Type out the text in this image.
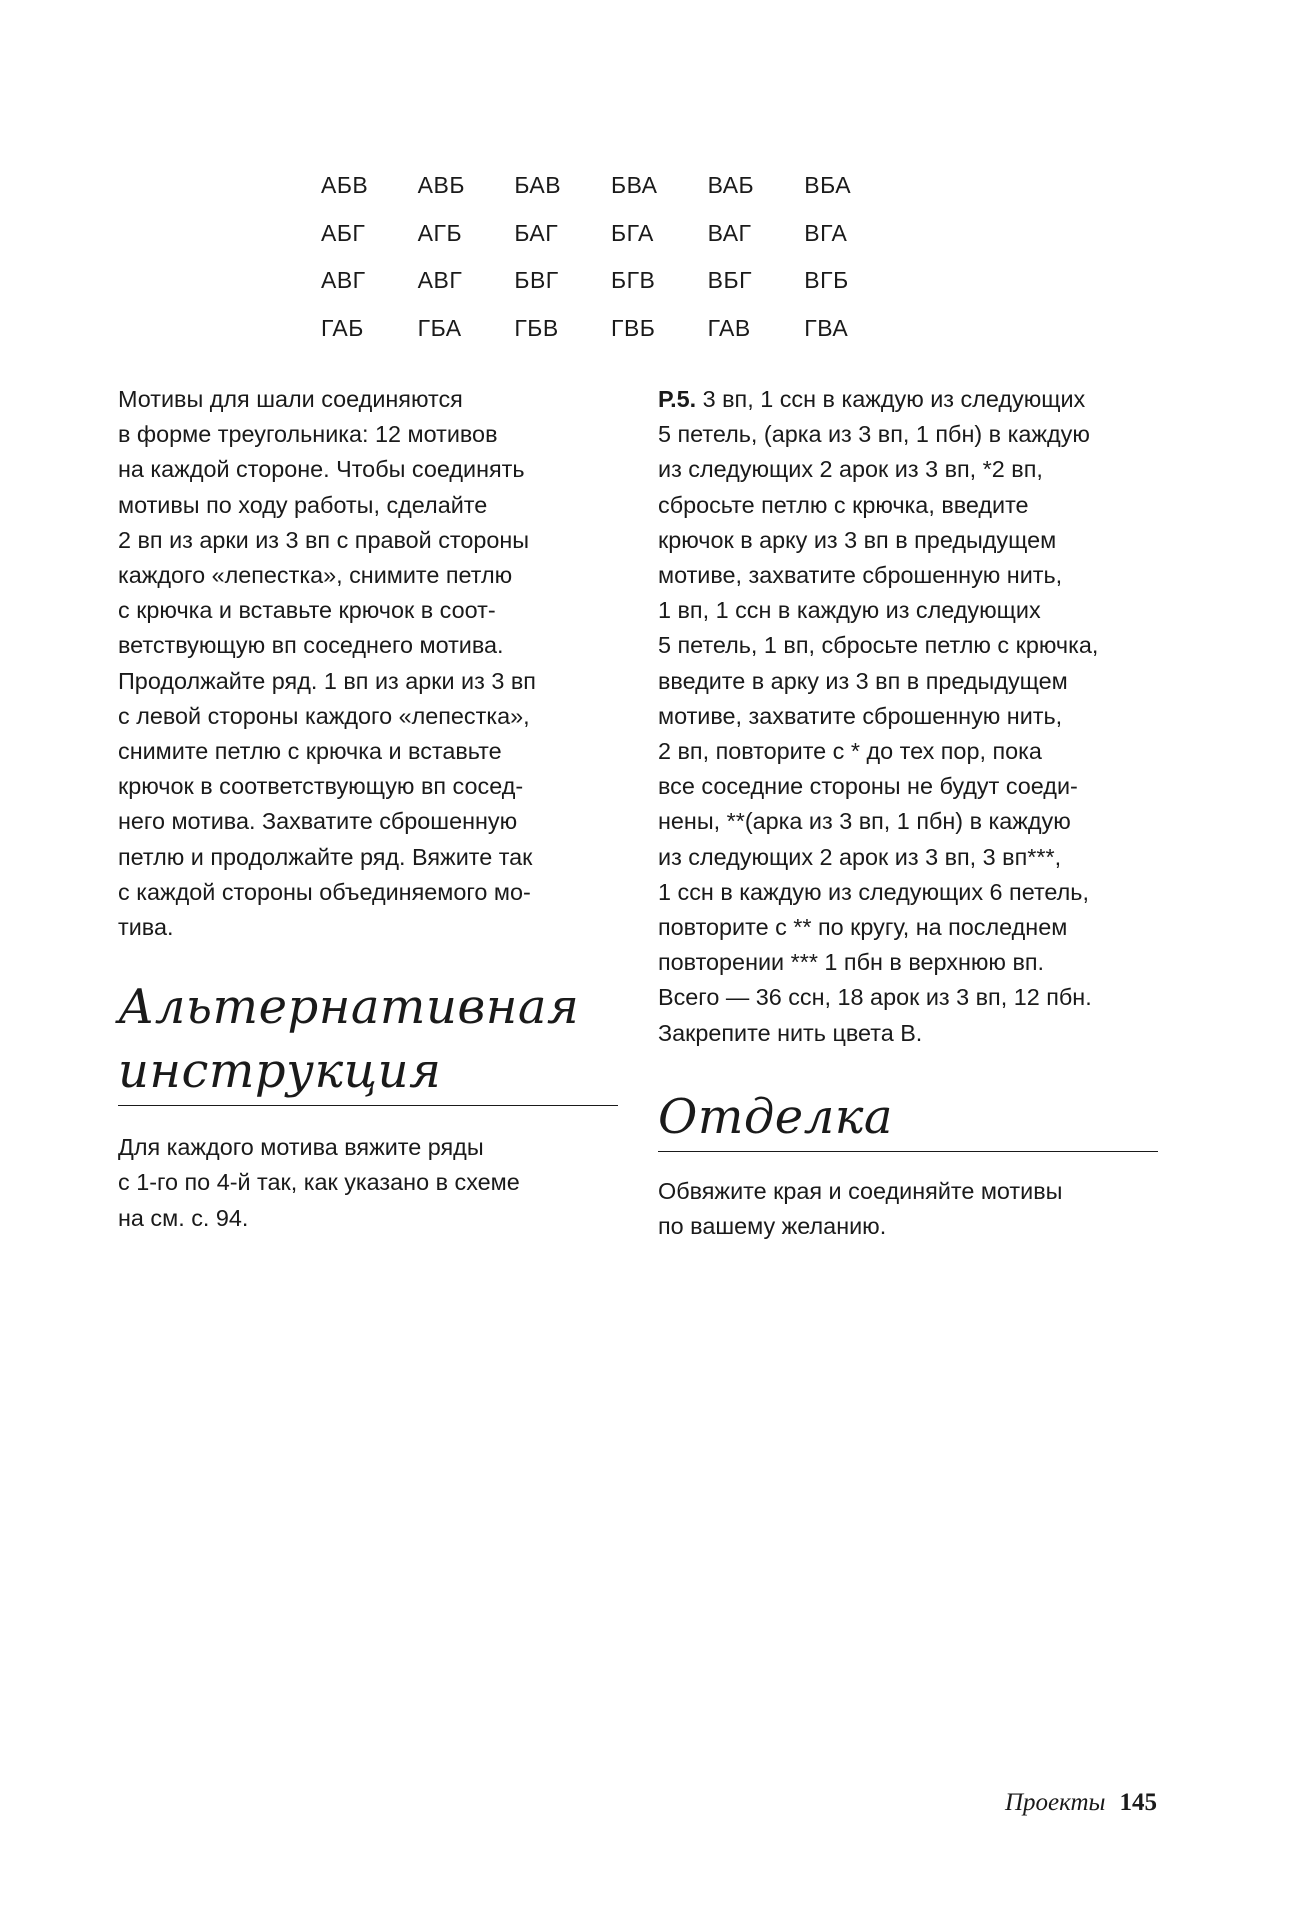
АБВ	АВБ	БАВ	БВА	ВАБ	ВБА
АБГ	АГБ	БАГ	БГА	ВАГ	ВГА
АВГ	АВГ	БВГ	БГВ	ВБГ	ВГБ
ГАБ	ГБА	ГБВ	ГВБ	ГАВ	ГВА

Мотивы для шали соединяются
в форме треугольника: 12 мотивов
на каждой стороне. Чтобы соединять
мотивы по ходу работы, сделайте
2 вп из арки из 3 вп с правой стороны
каждого «лепестка», снимите петлю
с крючка и вставьте крючок в соот-
ветствующую вп соседнего мотива.
Продолжайте ряд. 1 вп из арки из 3 вп
с левой стороны каждого «лепестка»,
снимите петлю с крючка и вставьте
крючок в соответствующую вп сосед-
него мотива. Захватите сброшенную
петлю и продолжайте ряд. Вяжите так
с каждой стороны объединяемого мо-
тива.

Альтернативная
инструкция

Для каждого мотива вяжите ряды
с 1-го по 4-й так, как указано в схеме
на см. с. 94.

Р.5. 3 вп, 1 ссн в каждую из следующих
5 петель, (арка из 3 вп, 1 пбн) в каждую
из следующих 2 арок из 3 вп, *2 вп,
сбросьте петлю с крючка, введите
крючок в арку из 3 вп в предыдущем
мотиве, захватите сброшенную нить,
1 вп, 1 ссн в каждую из следующих
5 петель, 1 вп, сбросьте петлю с крючка,
введите в арку из 3 вп в предыдущем
мотиве, захватите сброшенную нить,
2 вп, повторите с * до тех пор, пока
все соседние стороны не будут соеди-
нены, **(арка из 3 вп, 1 пбн) в каждую
из следующих 2 арок из 3 вп, 3 вп***,
1 ссн в каждую из следующих 6 петель,
повторите с ** по кругу, на последнем
повторении *** 1 пбн в верхнюю вп.
Всего — 36 ссн, 18 арок из 3 вп, 12 пбн.
Закрепите нить цвета В.

Отделка

Обвяжите края и соединяйте мотивы
по вашему желанию.

Проекты 145
